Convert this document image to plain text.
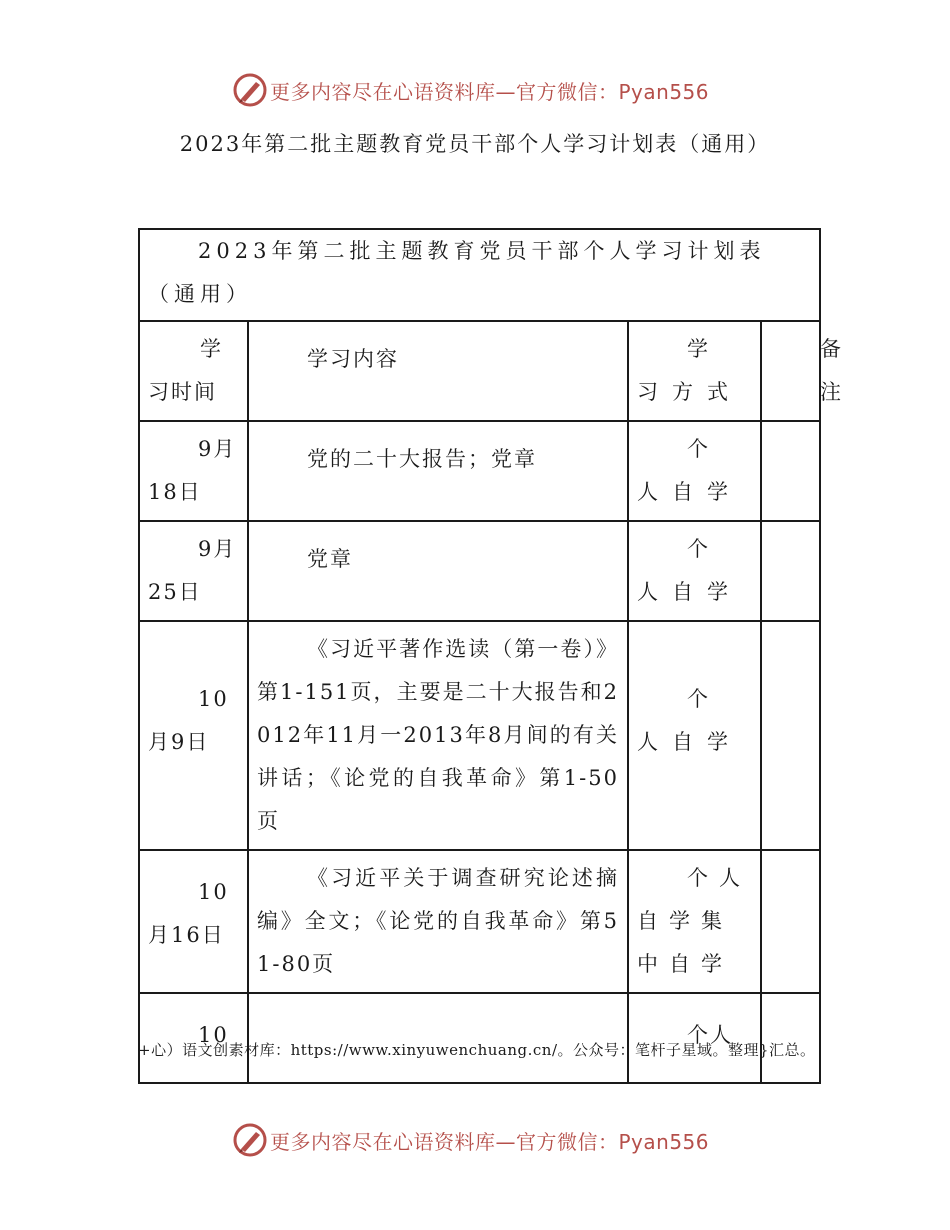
更多内容尽在心语资料库—官方微信：Pyan556
2023年第二批主题教育党员干部个人学习计划表（通用）
2023年第二批主题教育党员干部个人学习计划表（通用）			

学习时间	学习内容	学习方式	备注

9月18日	党的二十大报告；党章	个人自学	

9月25日	党章	个人自学	

10月9日	《习近平著作选读（第一卷）》第1-151页，主要是二十大报告和2012年11月一2013年8月间的有关讲话；《论党的自我革命》第1-50页	个人自学	

10月16日	《习近平关于调查研究论述摘编》全文；《论党的自我革命》第51-80页	个人自学集中自学	

10		个人	

+心）语文创素材库：https://www.xinyuwenchuang.cn/。公众号：笔杆子星域。整理}汇总。
更多内容尽在心语资料库—官方微信：Pyan556
